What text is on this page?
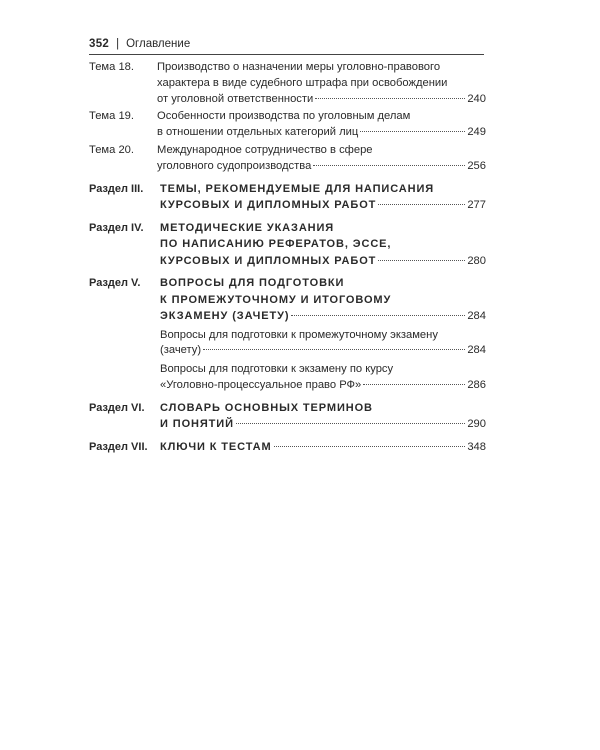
352 | Оглавление
Тема 18. Производство о назначении меры уголовно-правового
характера в виде судебного штрафа при освобождении
от уголовной ответственности	240
Тема 19. Особенности производства по уголовным делам
в отношении отдельных категорий лиц	249
Тема 20. Международное сотрудничество в сфере
уголовного судопроизводства	256
Раздел III. ТЕМЫ, РЕКОМЕНДУЕМЫЕ ДЛЯ НАПИСАНИЯ
КУРСОВЫХ И ДИПЛОМНЫХ РАБОТ	277
Раздел IV. МЕТОДИЧЕСКИЕ УКАЗАНИЯ
ПО НАПИСАНИЮ РЕФЕРАТОВ, ЭССЕ,
КУРСОВЫХ И ДИПЛОМНЫХ РАБОТ	280
Раздел V. ВОПРОСЫ ДЛЯ ПОДГОТОВКИ
К ПРОМЕЖУТОЧНОМУ И ИТОГОВОМУ
ЭКЗАМЕНУ (ЗАЧЕТУ)	284
Вопросы для подготовки к промежуточному экзамену
(зачету)	284
Вопросы для подготовки к экзамену по курсу
«Уголовно-процессуальное право РФ»	286
Раздел VI. СЛОВАРЬ ОСНОВНЫХ ТЕРМИНОВ
И ПОНЯТИЙ	290
Раздел VII. КЛЮЧИ К ТЕСТАМ	348
